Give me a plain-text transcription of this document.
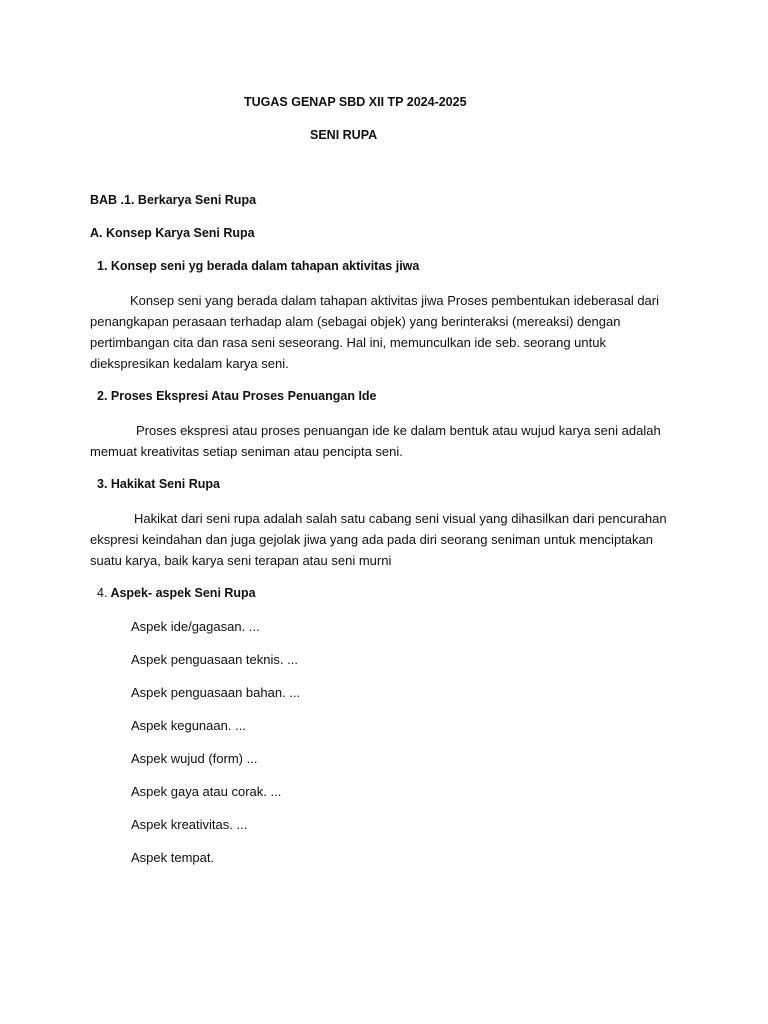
TUGAS GENAP SBD XII TP 2024-2025
SENI RUPA
BAB .1. Berkarya Seni Rupa
A. Konsep Karya Seni Rupa
1. Konsep seni yg berada dalam tahapan aktivitas jiwa

Konsep seni yang berada dalam tahapan aktivitas jiwa Proses pembentukan ideberasal dari penangkapan perasaan terhadap alam (sebagai objek) yang berinteraksi (mereaksi) dengan pertimbangan cita dan rasa seni seseorang. Hal ini, memunculkan ide seb. seorang untuk diekspresikan kedalam karya seni.

2. Proses Ekspresi Atau Proses Penuangan Ide

Proses ekspresi atau proses penuangan ide ke dalam bentuk atau wujud karya seni adalah memuat kreativitas setiap seniman atau pencipta seni.

3. Hakikat Seni Rupa

Hakikat dari seni rupa adalah salah satu cabang seni visual yang dihasilkan dari pencurahan ekspresi keindahan dan juga gejolak jiwa yang ada pada diri seorang seniman untuk menciptakan suatu karya, baik karya seni terapan atau seni murni

4. Aspek- aspek Seni Rupa
Aspek ide/gagasan. ...
Aspek penguasaan teknis. ...
Aspek penguasaan bahan. ...
Aspek kegunaan. ...
Aspek wujud (form) ...
Aspek gaya atau corak. ...
Aspek kreativitas. ...
Aspek tempat.
